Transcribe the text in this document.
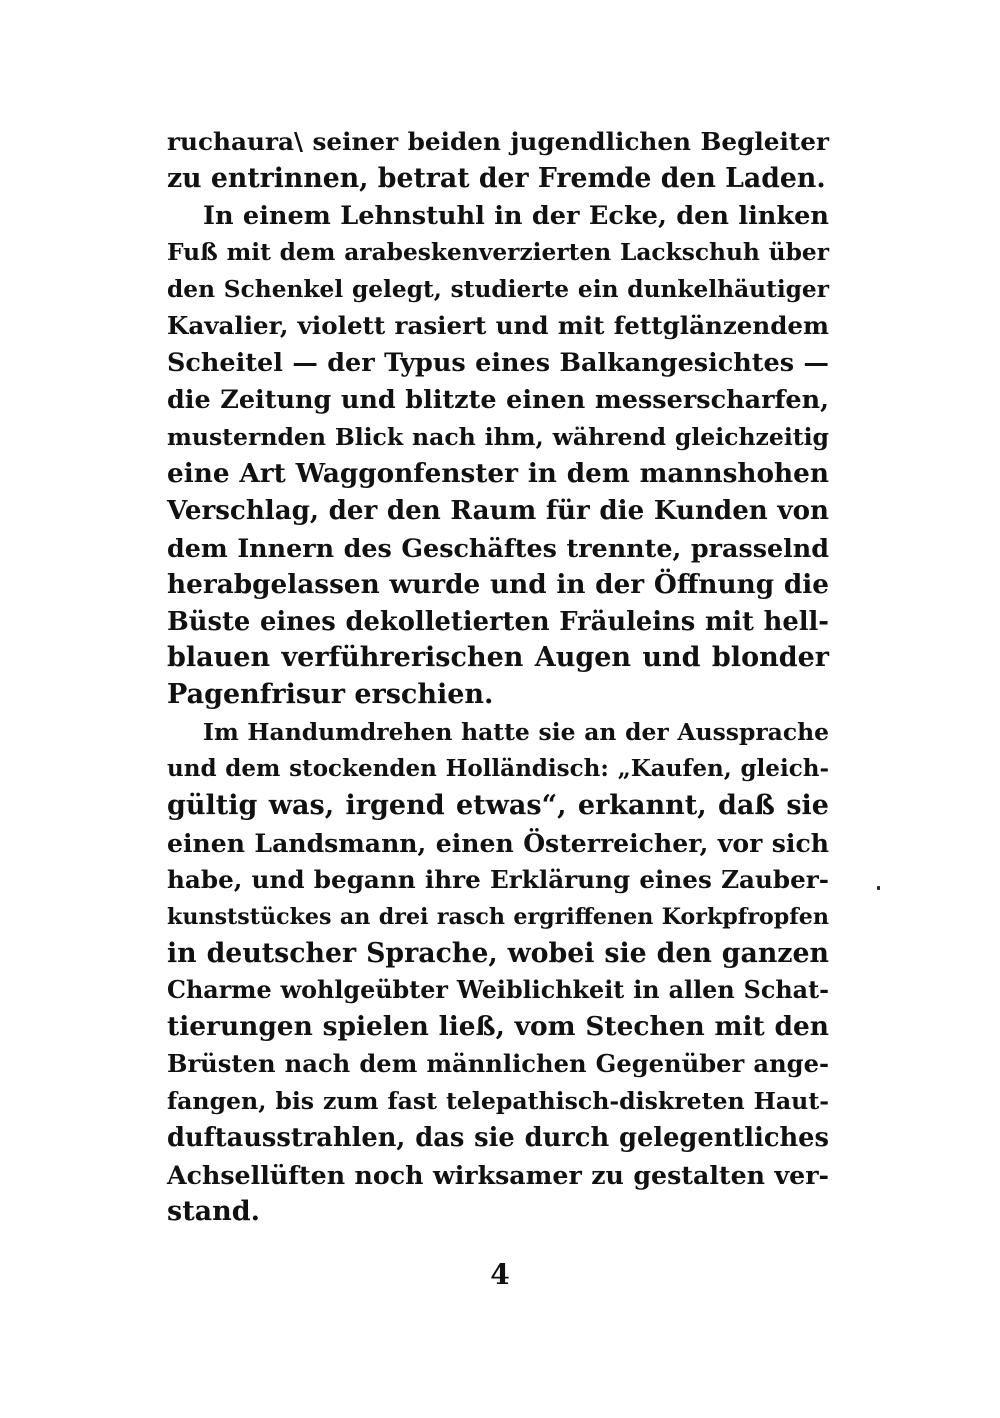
ruchaura\ seiner beiden jugendlichen Begleiter
zu entrinnen, betrat der Fremde den Laden.
In einem Lehnstuhl in der Ecke, den linken
Fuß mit dem arabeskenverzierten Lackschuh über
den Schenkel gelegt, studierte ein dunkelhäutiger
Kavalier, violett rasiert und mit fettglänzendem
Scheitel — der Typus eines Balkangesichtes —
die Zeitung und blitzte einen messerscharfen,
musternden Blick nach ihm, während gleichzeitig
eine Art Waggonfenster in dem mannshohen
Verschlag, der den Raum für die Kunden von
dem Innern des Geschäftes trennte, prasselnd
herabgelassen wurde und in der Öffnung die
Büste eines dekolletierten Fräuleins mit hell-
blauen verführerischen Augen und blonder
Pagenfrisur erschien.
Im Handumdrehen hatte sie an der Aussprache
und dem stockenden Holländisch: „Kaufen, gleich-
gültig was, irgend etwas“, erkannt, daß sie
einen Landsmann, einen Österreicher, vor sich
habe, und begann ihre Erklärung eines Zauber-
kunststückes an drei rasch ergriffenen Korkpfropfen
in deutscher Sprache, wobei sie den ganzen
Charme wohlgeübter Weiblichkeit in allen Schat-
tierungen spielen ließ, vom Stechen mit den
Brüsten nach dem männlichen Gegenüber ange-
fangen, bis zum fast telepathisch-diskreten Haut-
duftausstrahlen, das sie durch gelegentliches
Achsellüften noch wirksamer zu gestalten ver-
stand.
4
